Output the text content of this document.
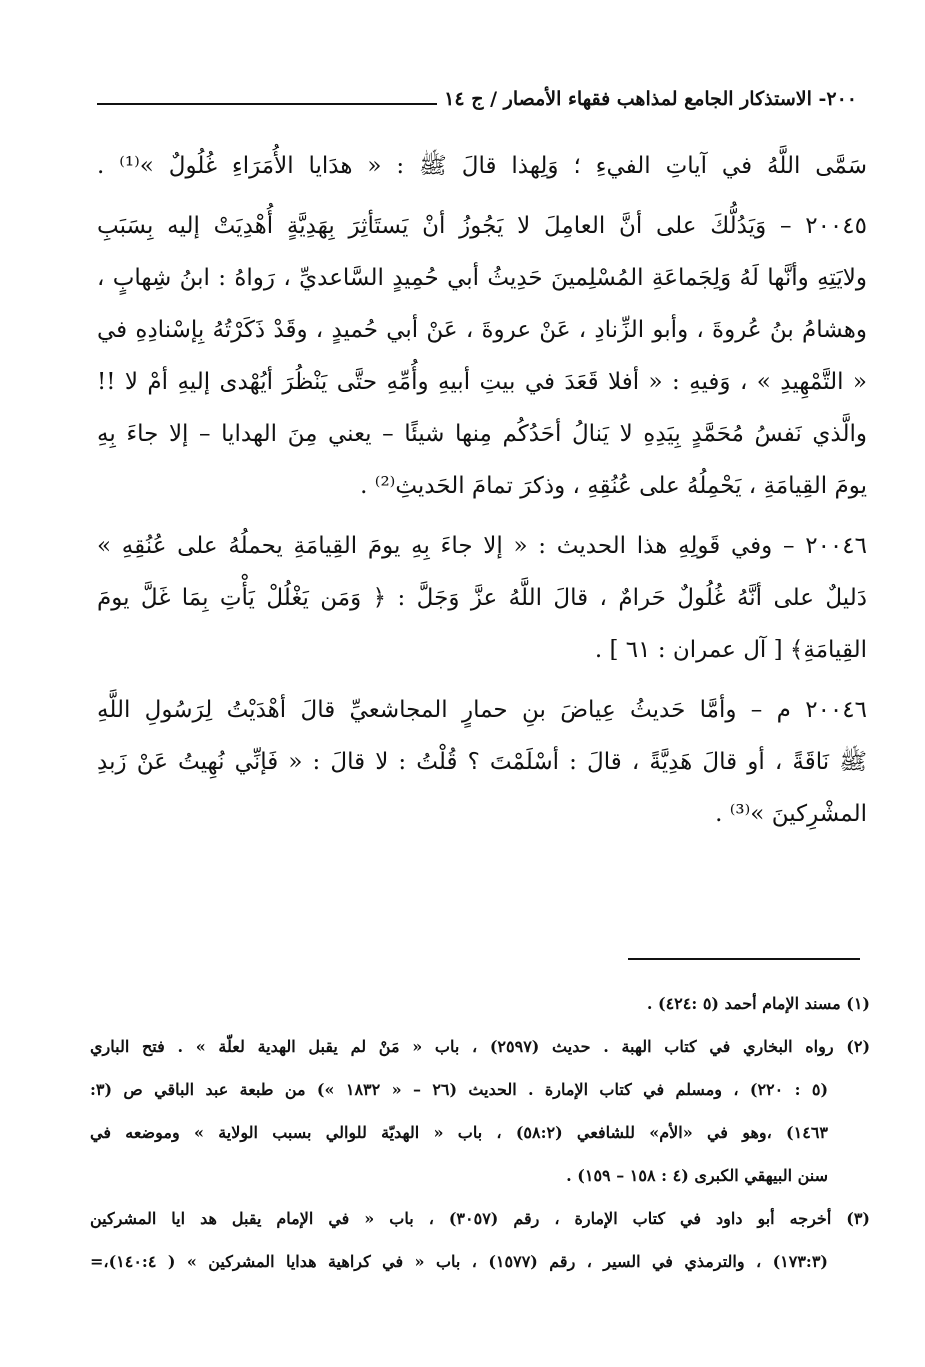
٢٠٠- الاستذكار الجامع لمذاهب فقهاء الأمصار / ج ١٤
سَمَّى اللَّهُ في آياتِ الفيءِ ؛ وَلِهذا قالَ ﷺ : « هدَايا الأُمَرَاءِ غُلُولٌ »⁽¹⁾ .
٢٠٠٤٥ – وَيَدُلُّكَ على أنَّ العامِلَ لا يَجُوزُ أنْ يَستَأثِرَ بِهَدِيَّةٍ أُهْدِيَتْ إليه بِسَبَبِ
ولايَتِهِ وأنَّها لَهُ وَلِجَماعَةِ المُسْلِمينَ حَدِيثُ أبي حُمِيدٍ السَّاعديِّ ، رَواهُ : ابنُ شِهابٍ ،
وهشامُ بنُ عُروةَ ، وأبو الزِّنادِ ، عَنْ عروةَ ، عَنْ أبي حُميدٍ ، وقَدْ ذَكَرْتُهُ بِإسْنادِهِ في
« التَّمْهِيدِ » ، وَفيهِ : « أفلا قَعَدَ في بيتِ أبيهِ وأُمِّهِ حتَّى يَنْظُرَ أيُهْدى إليهِ أمْ لا !!
والَّذي نَفسُ مُحَمَّدٍ بِيَدِهِ لا يَنالُ أحَدُكُم مِنها شيئًا – يعني مِنَ الهدايا – إلا جاءَ بِهِ
يومَ القِيامَةِ ، يَحْمِلُهُ على عُنُقِهِ ، وذكرَ تمامَ الحَديثِ⁽²⁾ .
٢٠٠٤٦ – وفي قَولِهِ هذا الحديث : « إلا جاءَ بِهِ يومَ القِيامَةِ يحملُهُ على عُنُقِهِ »
دَليلٌ على أنَّهُ غُلُولٌ حَرامٌ ، قالَ اللَّهُ عزَّ وَجَلَّ : ﴿ وَمَن يَغْلُلْ يَأْتِ بِمَا غَلَّ يومَ
القِيامَةِ﴾ [ آل عمران : ٦١ ] .
٢٠٠٤٦ م – وأمَّا حَديثُ عِياضَ بنِ حمارٍ المجاشعيِّ قالَ أهْدَيْتُ لِرَسُولِ اللَّهِ
ﷺ نَاقَةً ، أو قالَ هَدِيَّةً ، قالَ : أسْلَمْتَ ؟ قُلْتُ : لا قالَ : « فَإنِّي نُهِيتُ عَنْ زَبدِ
المشْرِكينَ »⁽³⁾ .
(١) مسند الإمام أحمد (٥ :٤٢٤) .
(٢) رواه البخاري في كتاب الهبة . حديث (٢٥٩٧) ، باب « مَنْ لم يقبل الهدية لعلّة » . فتح الباري
(٥ : ٢٢٠) ، ومسلم في كتاب الإمارة . الحديث (٢٦ – « ١٨٣٢ ») من طبعة عبد الباقي ص (٣:
١٤٦٣) ،وهو في «الأم» للشافعي (٥٨:٢) ، باب « الهديّة للوالي بسبب الولاية » وموضعه في
سنن البيهقي الكبرى (٤ : ١٥٨ – ١٥٩) .
(٣) أخرجه أبو داود في كتاب الإمارة ، رقم (٣٠٥٧) ، باب « في الإمام يقبل هد ايا المشركين
(١٧٣:٣) ، والترمذي في السير ، رقم (١٥٧٧) ، باب « في كراهية هدايا المشركين » ( ١٤٠:٤)،=
